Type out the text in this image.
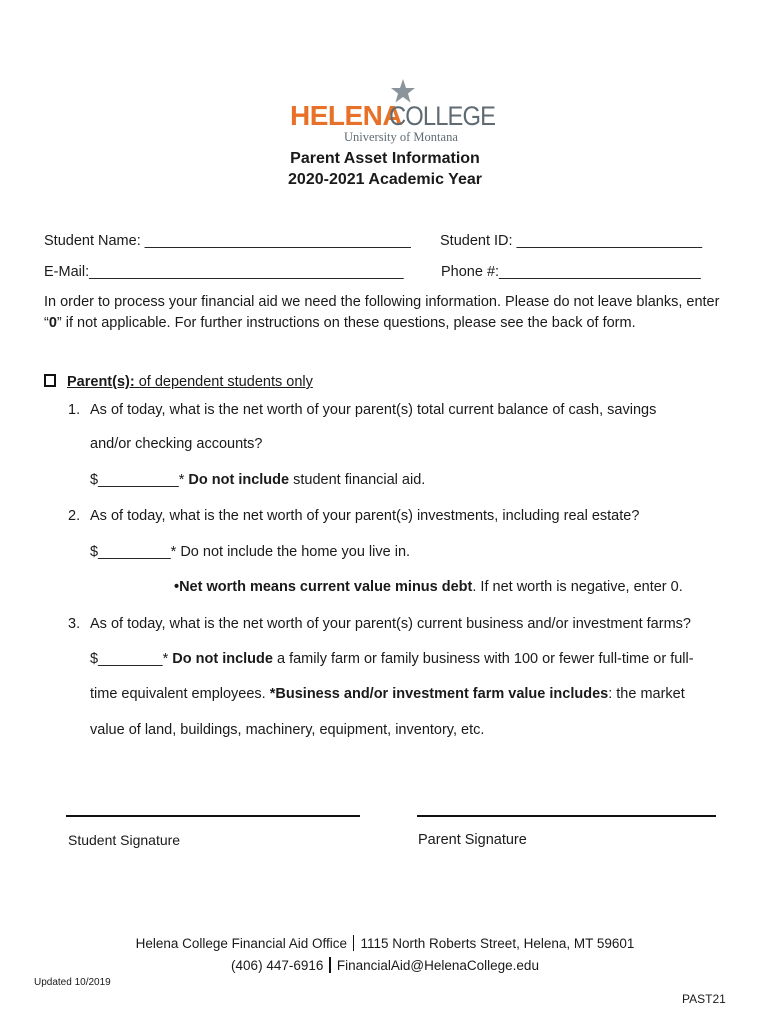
HELENA
COLLEGE
University of Montana
Parent Asset Information
2020-2021 Academic Year
Student Name: _________________________________ Student ID: _______________________
E-Mail:_______________________________________	Phone #:_________________________
In order to process your financial aid we need the following information. Please do not leave blanks, enter “0” if not applicable. For further instructions on these questions, please see the back of form.
Parent(s): of dependent students only
1. As of today, what is the net worth of your parent(s) total current balance of cash, savings
and/or checking accounts?
$__________* Do not include student financial aid.
2. As of today, what is the net worth of your parent(s) investments, including real estate?
$_________* Do not include the home you live in.
•Net worth means current value minus debt. If net worth is negative, enter 0.
3. As of today, what is the net worth of your parent(s) current business and/or investment farms?
$________* Do not include a family farm or family business with 100 or fewer full-time or full-
time equivalent employees. *Business and/or investment farm value includes: the market
value of land, buildings, machinery, equipment, inventory, etc.
Student Signature	Parent Signature
Helena College Financial Aid Office 1115 North Roberts Street, Helena, MT 59601
(406) 447-6916 FinancialAid@HelenaCollege.edu
Updated 10/2019
PAST21
